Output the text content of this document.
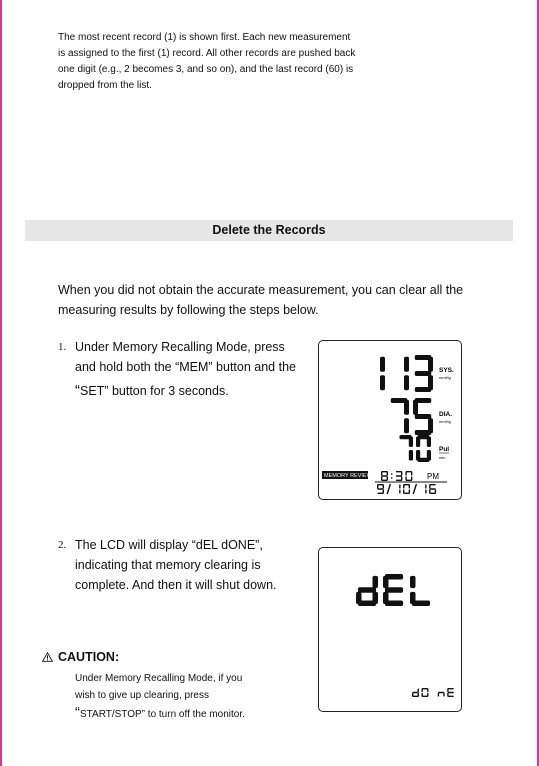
The most recent record (1) is shown first. Each new measurement
is assigned to the first (1) record. All other records are pushed back
one digit (e.g., 2 becomes 3, and so on), and the last record (60) is
dropped from the list.
Delete the Records
When you did not obtain the accurate measurement, you can clear all the
measuring results by following the steps below.
1. Under Memory Recalling Mode, press
and hold both the “MEM” button and the
“SET” button for 3 seconds.
2. The LCD will display “dEL dONE”,
indicating that memory clearing is
complete. And then it will shut down.
CAUTION:
Under Memory Recalling Mode, if you
wish to give up clearing, press
“START/STOP” to turn off the monitor.
SYS.
mmHg
DIA.
mmHg
Pul
min
MEMORY REVIEW	PM
